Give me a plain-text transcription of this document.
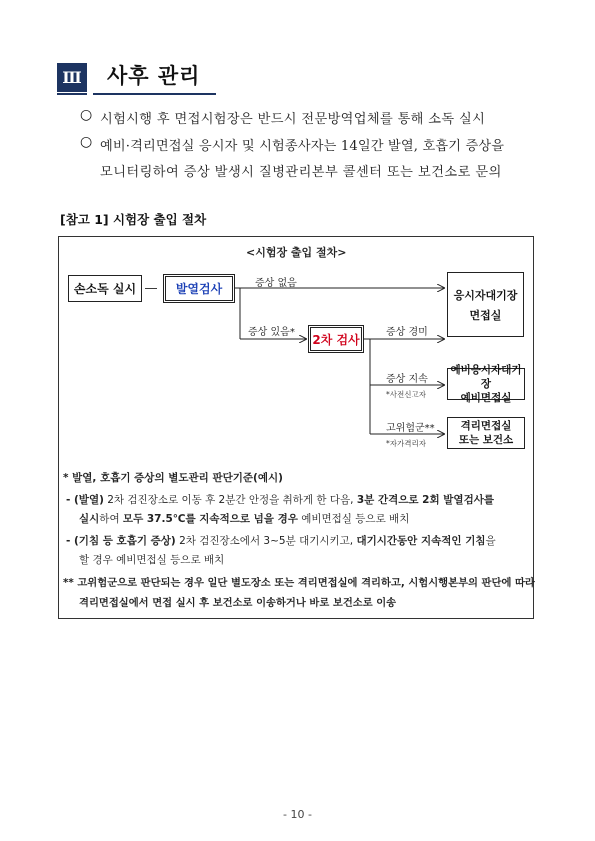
Ⅲ 사후 관리
○ 시험시행 후 면접시험장은 반드시 전문방역업체를 통해 소독 실시
○ 예비·격리면접실 응시자 및 시험종사자는 14일간 발열, 호흡기 증상을
모니터링하여 증상 발생시 질병관리본부 콜센터 또는 보건소로 문의
[참고 1] 시험장 출입 절차
<시험장 출입 절차>
손소독 실시 ―	발열검사	응시자대기장
면접실
2차 검사
예비응시자대기장
예비면접실
격리면접실
또는 보건소
증상 없음
증상 있음*	증상 경미
증상 지속
*사전신고자
고위험군**
*자가격리자
* 발열, 호흡기 증상의 별도관리 판단기준(예시)
- (발열) 2차 검진장소로 이동 후 2분간 안정을 취하게 한 다음, 3분 간격으로 2회 발열검사를
실시하여 모두 37.5℃를 지속적으로 넘을 경우 예비면접실 등으로 배치
- (기침 등 호흡기 증상) 2차 검진장소에서 3~5분 대기시키고, 대기시간동안 지속적인 기침을
할 경우 예비면접실 등으로 배치
** 고위험군으로 판단되는 경우 일단 별도장소 또는 격리면접실에 격리하고, 시험시행본부의 판단에 따라
격리면접실에서 면접 실시 후 보건소로 이송하거나 바로 보건소로 이송
- 10 -
